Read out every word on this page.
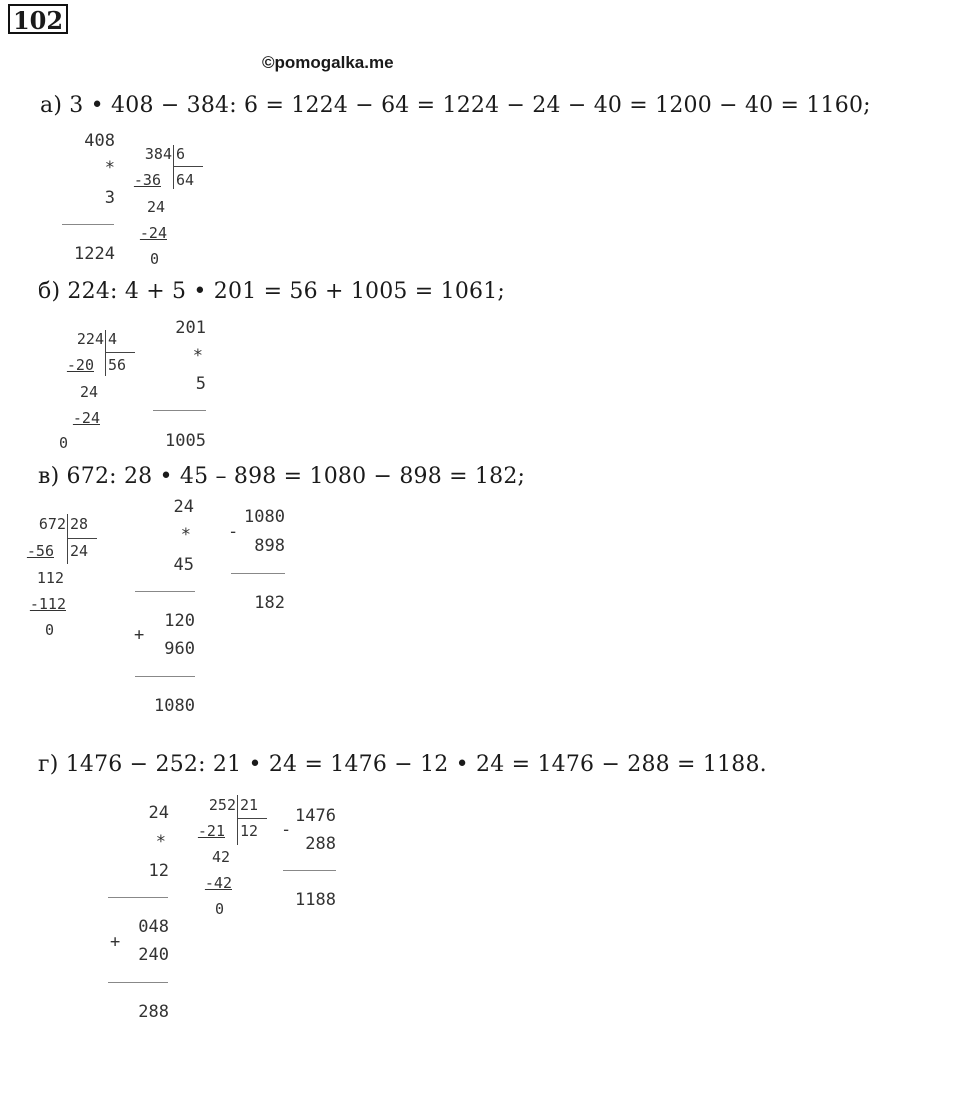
102
©pomogalka.me
а) 3 • 408 − 384: 6 = 1224 − 64 = 1224 − 24 − 40 = 1200 − 40 = 1160;
408
*
3
1224
384 6
64
-36
24
-24
0
б) 224: 4 + 5 • 201 = 56 + 1005 = 1061;
224 4
56
-20
24
-24
0
201
*
5
1005
в) 672: 28 • 45 – 898 = 1080 − 898 = 182;
672 28
24
-56
112
-112
0
24
*
45
120
+
960
1080
1080
-
898
182
г) 1476 − 252: 21 • 24 = 1476 − 12 • 24 = 1476 − 288 = 1188.
24
*
12
048
+
240
288
252 21
12
-21
42
-42
0
1476
-
288
1188
